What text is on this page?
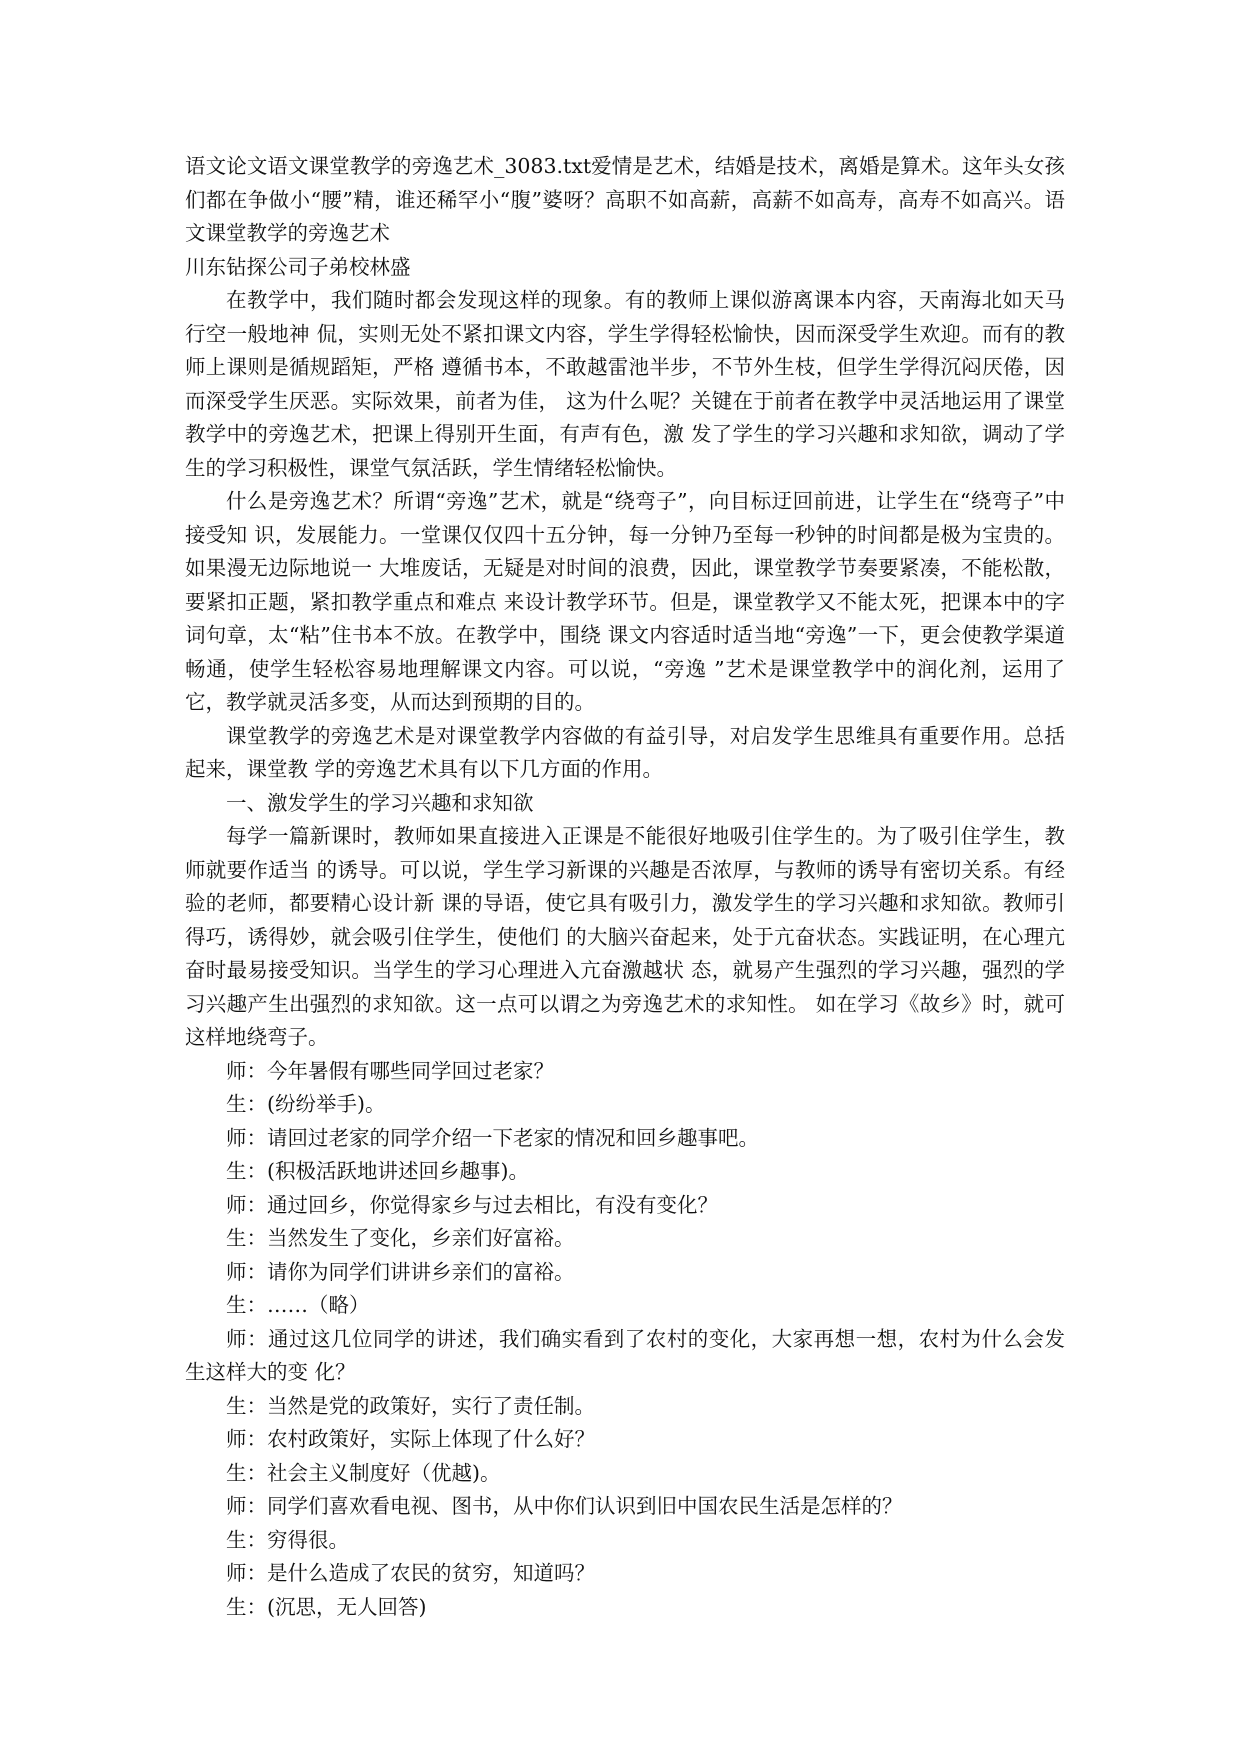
语文论文语文课堂教学的旁逸艺术_3083.txt爱情是艺术，结婚是技术，离婚是算术。这年头女孩们都在争做小“腰”精，谁还稀罕小“腹”婆呀？高职不如高薪，高薪不如高寿，高寿不如高兴。语文课堂教学的旁逸艺术

川东钻探公司子弟校林盛

在教学中，我们随时都会发现这样的现象。有的教师上课似游离课本内容，天南海北如天马行空一般地神 侃，实则无处不紧扣课文内容，学生学得轻松愉快，因而深受学生欢迎。而有的教师上课则是循规蹈矩，严格 遵循书本，不敢越雷池半步，不节外生枝，但学生学得沉闷厌倦，因而深受学生厌恶。实际效果，前者为佳， 这为什么呢？关键在于前者在教学中灵活地运用了课堂教学中的旁逸艺术，把课上得别开生面，有声有色，激 发了学生的学习兴趣和求知欲，调动了学生的学习积极性，课堂气氛活跃，学生情绪轻松愉快。

什么是旁逸艺术？所谓“旁逸”艺术，就是“绕弯子”，向目标迂回前进，让学生在“绕弯子”中接受知 识，发展能力。一堂课仅仅四十五分钟，每一分钟乃至每一秒钟的时间都是极为宝贵的。如果漫无边际地说一 大堆废话，无疑是对时间的浪费，因此，课堂教学节奏要紧凑，不能松散，要紧扣正题，紧扣教学重点和难点 来设计教学环节。但是，课堂教学又不能太死，把课本中的字词句章，太“粘”住书本不放。在教学中，围绕 课文内容适时适当地“旁逸”一下，更会使教学渠道畅通，使学生轻松容易地理解课文内容。可以说，“旁逸 ”艺术是课堂教学中的润化剂，运用了它，教学就灵活多变，从而达到预期的目的。

课堂教学的旁逸艺术是对课堂教学内容做的有益引导，对启发学生思维具有重要作用。总括起来，课堂教 学的旁逸艺术具有以下几方面的作用。

一、激发学生的学习兴趣和求知欲

每学一篇新课时，教师如果直接进入正课是不能很好地吸引住学生的。为了吸引住学生，教师就要作适当 的诱导。可以说，学生学习新课的兴趣是否浓厚，与教师的诱导有密切关系。有经验的老师，都要精心设计新 课的导语，使它具有吸引力，激发学生的学习兴趣和求知欲。教师引得巧，诱得妙，就会吸引住学生，使他们 的大脑兴奋起来，处于亢奋状态。实践证明，在心理亢奋时最易接受知识。当学生的学习心理进入亢奋激越状 态，就易产生强烈的学习兴趣，强烈的学习兴趣产生出强烈的求知欲。这一点可以谓之为旁逸艺术的求知性。 如在学习《故乡》时，就可这样地绕弯子。

师：今年暑假有哪些同学回过老家？

生：(纷纷举手)。

师：请回过老家的同学介绍一下老家的情况和回乡趣事吧。

生：(积极活跃地讲述回乡趣事)。

师：通过回乡，你觉得家乡与过去相比，有没有变化？

生：当然发生了变化，乡亲们好富裕。

师：请你为同学们讲讲乡亲们的富裕。

生：……（略）

师：通过这几位同学的讲述，我们确实看到了农村的变化，大家再想一想，农村为什么会发生这样大的变 化？

生：当然是党的政策好，实行了责任制。

师：农村政策好，实际上体现了什么好？

生：社会主义制度好（优越)。

师：同学们喜欢看电视、图书，从中你们认识到旧中国农民生活是怎样的？

生：穷得很。

师：是什么造成了农民的贫穷，知道吗？

生：(沉思，无人回答)
